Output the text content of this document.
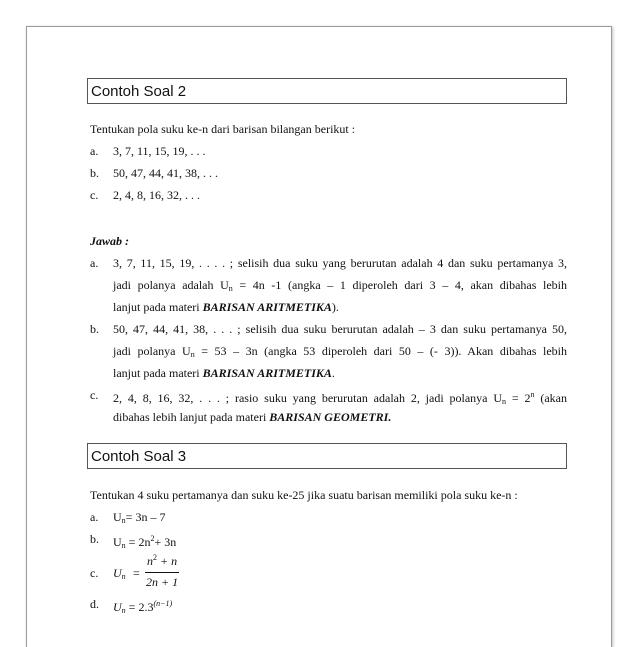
Contoh Soal 2
Tentukan pola suku ke-n dari barisan bilangan berikut :
a. 3, 7, 11, 15, 19, . . .
b. 50, 47, 44, 41, 38, . . .
c. 2, 4, 8, 16, 32, . . .
Jawab :
a. 3, 7, 11, 15, 19, . . . . ; selisih dua suku yang berurutan adalah 4 dan suku pertamanya 3,
jadi polanya adalah $U_n = 4n$ -1 (angka – 1 diperoleh dari 3 – 4, akan dibahas lebih
lanjut pada materi BARISAN ARITMETIKA).
b. 50, 47, 44, 41, 38, . . . ; selisih dua suku berurutan adalah – 3 dan suku pertamanya 50,
jadi polanya $U_n = 53 - 3n$ (angka 53 diperoleh dari 50 – (- 3)). Akan dibahas lebih
lanjut pada materi BARISAN ARITMETIKA.
c. 2, 4, 8, 16, 32, . . . ; rasio suku yang berurutan adalah 2, jadi polanya $U_n = 2^n$ (akan
dibahas lebih lanjut pada materi BARISAN GEOMETRI.
Contoh Soal 3
Tentukan 4 suku pertamanya dan suku ke-25 jika suatu barisan memiliki pola suku ke-n :
a. $U_n= 3n - 7$
b. $U_n = 2n^2+ 3n$
c. $U_n$ =
$n^2 + n$
2n + 1
d. $U_n = 2.3^{(n-1)}$
